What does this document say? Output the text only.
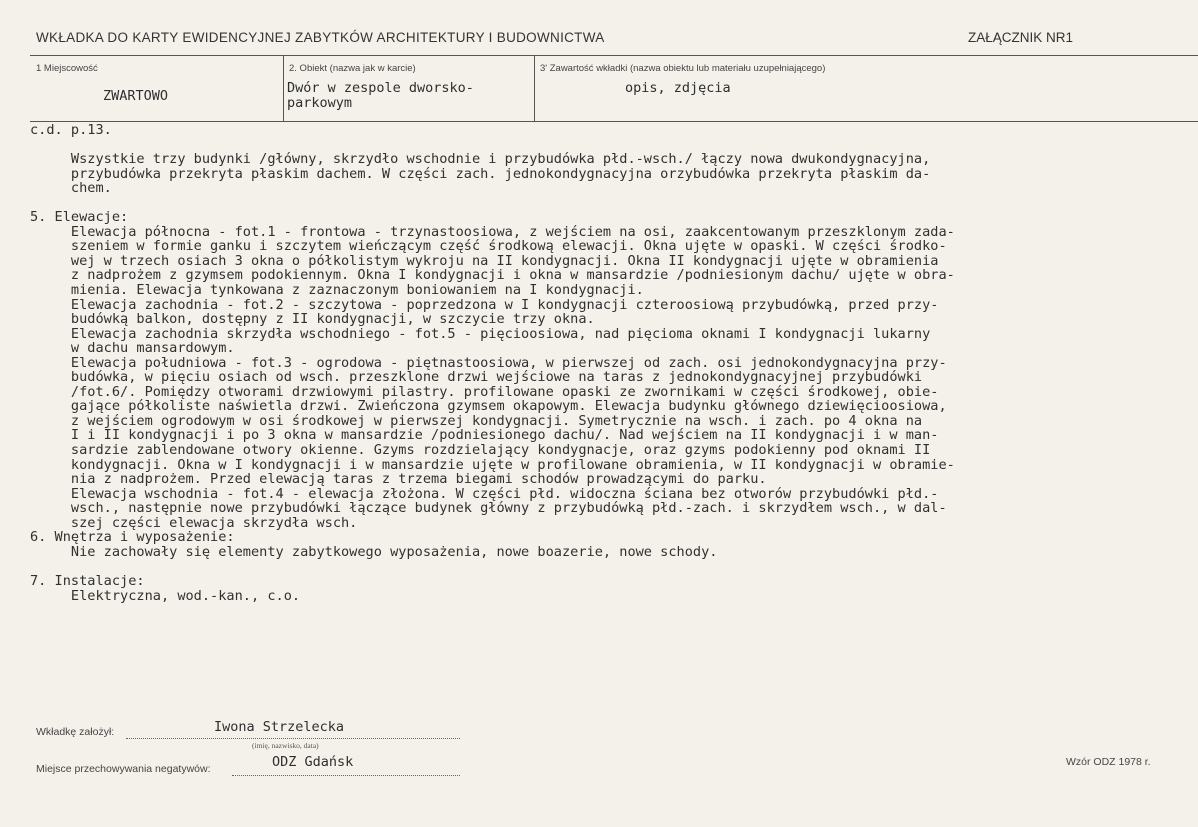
WKŁADKA DO KARTY EWIDENCYJNEJ ZABYTKÓW ARCHITEKTURY I BUDOWNICTWA	ZAŁĄCZNIK NR1
1 Miejscowość
ZWARTOWO
2. Obiekt (nazwa jak w karcie)
Dwór w zespole dworsko-
parkowym
3' Zawartość wkładki (nazwa obiektu lub materiału uzupełniającego)
opis, zdjęcia
c.d. p.13.
Wszystkie trzy budynki /główny, skrzydło wschodnie i przybudówka płd.-wsch./ łączy nowa dwukondygnacyjna,
przybudówka przekryta płaskim dachem. W części zach. jednokondygnacyjna orzybudówka przekryta płaskim da-
chem.
5. Elewacje:
Elewacja północna - fot.1 - frontowa - trzynastoosiowa, z wejściem na osi, zaakcentowanym przeszklonym zada-
szeniem w formie ganku i szczytem wieńczącym część środkową elewacji. Okna ujęte w opaski. W części środko-
wej w trzech osiach 3 okna o półkolistym wykroju na II kondygnacji. Okna II kondygnacji ujęte w obramienia
z nadprożem z gzymsem podokiennym. Okna I kondygnacji i okna w mansardzie /podniesionym dachu/ ujęte w obra-
mienia. Elewacja tynkowana z zaznaczonym boniowaniem na I kondygnacji.
Elewacja zachodnia - fot.2 - szczytowa - poprzedzona w I kondygnacji czteroosiową przybudówką, przed przy-
budówką balkon, dostępny z II kondygnacji, w szczycie trzy okna.
Elewacja zachodnia skrzydła wschodniego - fot.5 - pięcioosiowa, nad pięcioma oknami I kondygnacji lukarny
w dachu mansardowym.
Elewacja południowa - fot.3 - ogrodowa - piętnastoosiowa, w pierwszej od zach. osi jednokondygnacyjna przy-
budówka, w pięciu osiach od wsch. przeszklone drzwi wejściowe na taras z jednokondygnacyjnej przybudówki
/fot.6/. Pomiędzy otworami drzwiowymi pilastry. profilowane opaski ze zwornikami w części środkowej, obie-
gające półkoliste naświetla drzwi. Zwieńczona gzymsem okapowym. Elewacja budynku głównego dziewięcioosiowa,
z wejściem ogrodowym w osi środkowej w pierwszej kondygnacji. Symetrycznie na wsch. i zach. po 4 okna na
I i II kondygnacji i po 3 okna w mansardzie /podniesionego dachu/. Nad wejściem na II kondygnacji i w man-
sardzie zablendowane otwory okienne. Gzyms rozdzielający kondygnacje, oraz gzyms podokienny pod oknami II
kondygnacji. Okna w I kondygnacji i w mansardzie ujęte w profilowane obramienia, w II kondygnacji w obramie-
nia z nadprożem. Przed elewacją taras z trzema biegami schodów prowadzącymi do parku.
Elewacja wschodnia - fot.4 - elewacja złożona. W części płd. widoczna ściana bez otworów przybudówki płd.-
wsch., następnie nowe przybudówki łączące budynek główny z przybudówką płd.-zach. i skrzydłem wsch., w dal-
szej części elewacja skrzydła wsch.
6. Wnętrza i wyposażenie:
Nie zachowały się elementy zabytkowego wyposażenia, nowe boazerie, nowe schody.
7. Instalacje:
Elektryczna, wod.-kan., c.o.
Wkładkę założył:	Iwona Strzelecka
(imię, nazwisko, data)
Miejsce przechowywania negatywów:	ODZ Gdańsk	Wzór ODZ 1978 r.
